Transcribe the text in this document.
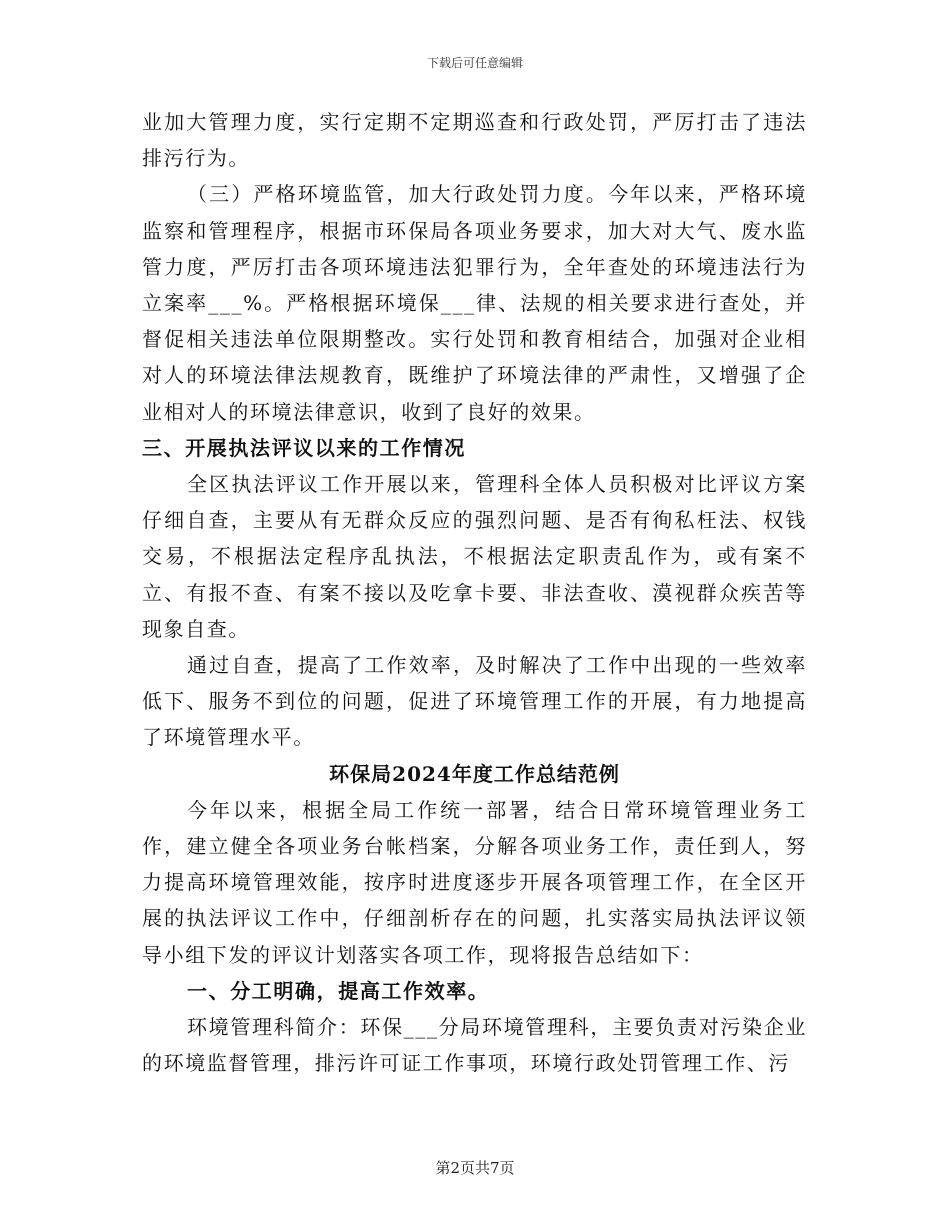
下载后可任意编辑

业加大管理力度，实行定期不定期巡查和行政处罚，严厉打击了违法排污行为。

（三）严格环境监管，加大行政处罚力度。今年以来，严格环境监察和管理程序，根据市环保局各项业务要求，加大对大气、废水监管力度，严厉打击各项环境违法犯罪行为，全年查处的环境违法行为立案率___%。严格根据环境保___律、法规的相关要求进行查处，并督促相关违法单位限期整改。实行处罚和教育相结合，加强对企业相对人的环境法律法规教育，既维护了环境法律的严肃性，又增强了企业相对人的环境法律意识，收到了良好的效果。

三、开展执法评议以来的工作情况

全区执法评议工作开展以来，管理科全体人员积极对比评议方案仔细自查，主要从有无群众反应的强烈问题、是否有徇私枉法、权钱交易，不根据法定程序乱执法，不根据法定职责乱作为，或有案不立、有报不查、有案不接以及吃拿卡要、非法查收、漠视群众疾苦等现象自查。

通过自查，提高了工作效率，及时解决了工作中出现的一些效率低下、服务不到位的问题，促进了环境管理工作的开展，有力地提高了环境管理水平。

环保局2024年度工作总结范例

今年以来，根据全局工作统一部署，结合日常环境管理业务工作，建立健全各项业务台帐档案，分解各项业务工作，责任到人，努力提高环境管理效能，按序时进度逐步开展各项管理工作，在全区开展的执法评议工作中，仔细剖析存在的问题，扎实落实局执法评议领导小组下发的评议计划落实各项工作，现将报告总结如下：

一、分工明确，提高工作效率。

环境管理科简介：环保___分局环境管理科，主要负责对污染企业的环境监督管理，排污许可证工作事项，环境行政处罚管理工作、污

第2页共7页
